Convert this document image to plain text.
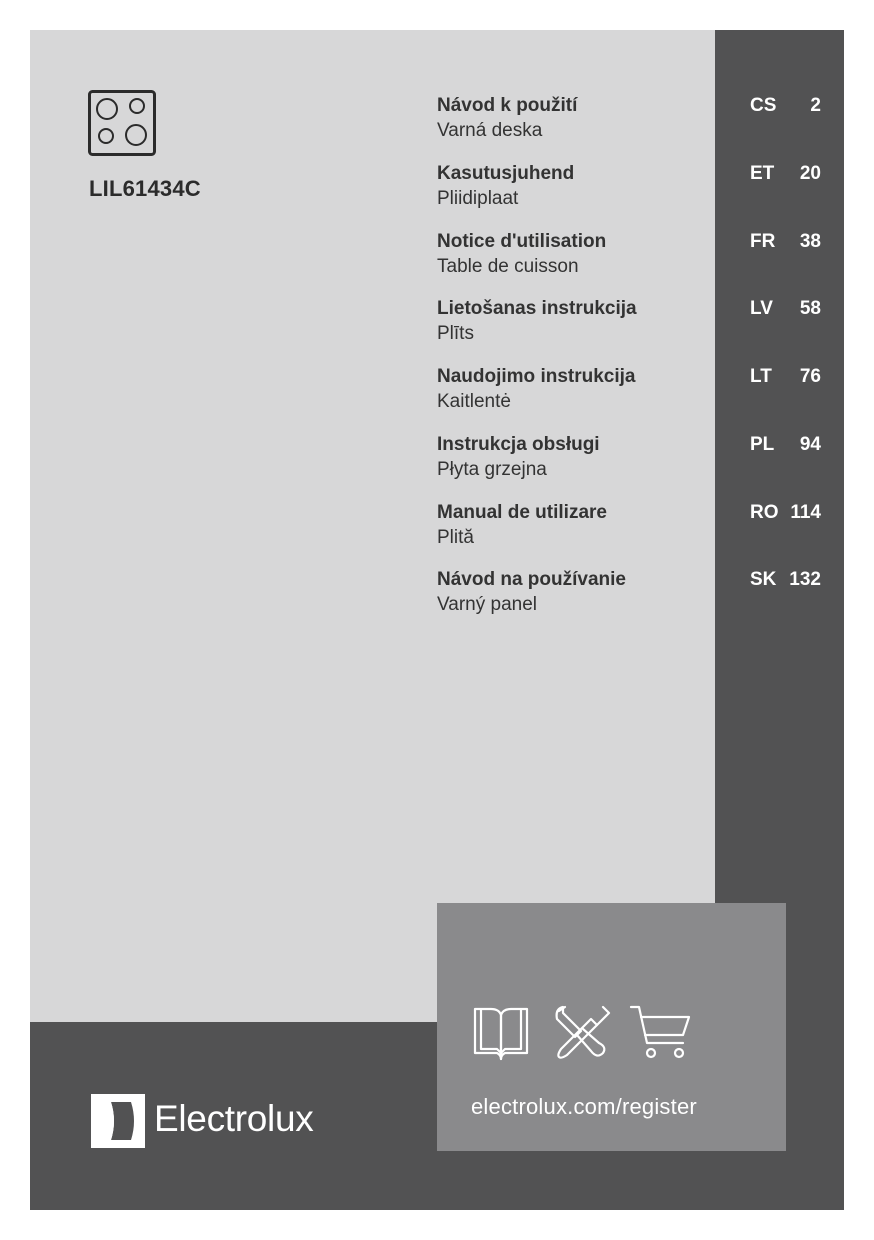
LIL61434C
Návod k použití
Varná deska
CS 2
Kasutusjuhend
Pliidiplaat
ET 20
Notice d'utilisation
Table de cuisson
FR 38
Lietošanas instrukcija
Plīts
LV 58
Naudojimo instrukcija
Kaitlentė
LT 76
Instrukcja obsługi
Płyta grzejna
PL 94
Manual de utilizare
Plită
RO 114
Návod na používanie
Varný panel
SK 132
electrolux.com/register
Electrolux
